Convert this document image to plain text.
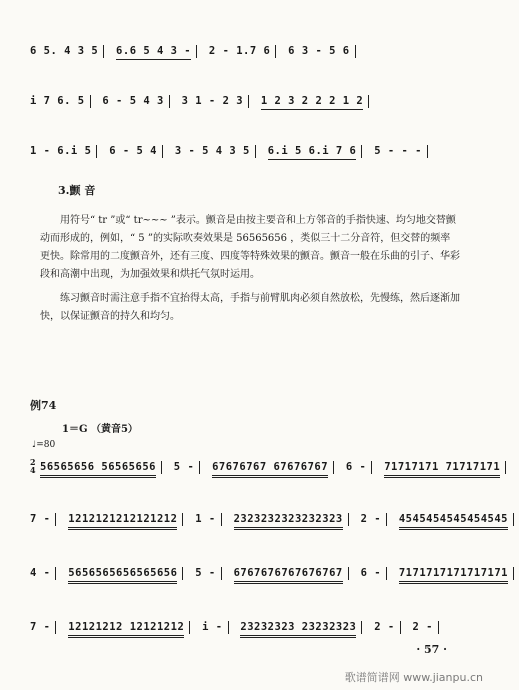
6 5. 4 3 5 6.6 5 4 3 - 2 - 1.7 6 6 3 - 5 6
i 7 6. 5 6 - 5 4 3 3 1 - 2 3 1 2 3 2 2 2 1 2
1 - 6.i 5 6 - 5 4 3 - 5 4 3 5 6.i 5 6.i 7 6 5 - - -
3.颤 音
用符号“ tr ”或“ tr~~~ ”表示。颤音是由按主要音和上方邻音的手指快速、均匀地交替颤动而形成的，例如，“ 5 ”的实际吹奏效果是 56565656 ，类似三十二分音符，但交替的频率更快。除常用的二度颤音外，还有三度、四度等特殊效果的颤音。颤音一般在乐曲的引子、华彩段和高潮中出现，为加强效果和烘托气氛时运用。
练习颤音时需注意手指不宜抬得太高，手指与前臂肌肉必须自然放松，先慢练，然后逐渐加快，以保证颤音的持久和均匀。
例74
1＝G （黄音5）
♩=80
2
4 56565656 56565656 5 - 67676767 67676767 6 - 71717171 71717171
7 - 1212121212121212 1 - 2323232323232323 2 - 4545454545454545
4 - 5656565656565656 5 - 6767676767676767 6 - 7171717171717171
7 - 12121212 12121212 i - 23232323 23232323 2 - 2 -
· 57 ·
歌谱简谱网 www.jianpu.cn
